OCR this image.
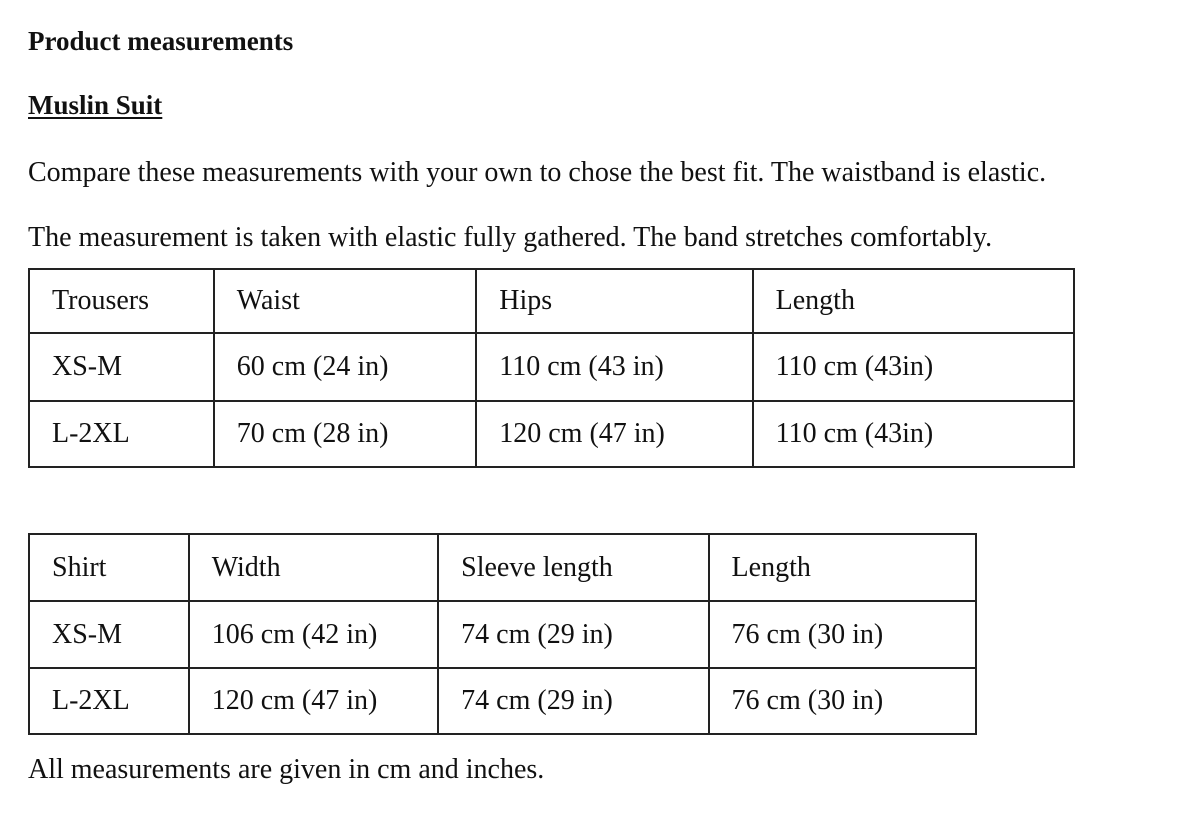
Product measurements
Muslin Suit
Compare these measurements with your own to chose the best fit. The waistband is elastic.
The measurement is taken with elastic fully gathered. The band stretches comfortably.
Trousers	Waist	Hips	Length
XS-M	60 cm (24 in)	110 cm (43 in)	110 cm (43in)
L-2XL	70 cm (28 in)	120 cm (47 in)	110 cm (43in)
Shirt	Width	Sleeve length	Length
XS-M	106 cm (42 in)	74 cm (29 in)	76 cm (30 in)
L-2XL	120 cm (47 in)	74 cm (29 in)	76 cm (30 in)
All measurements are given in cm and inches.
